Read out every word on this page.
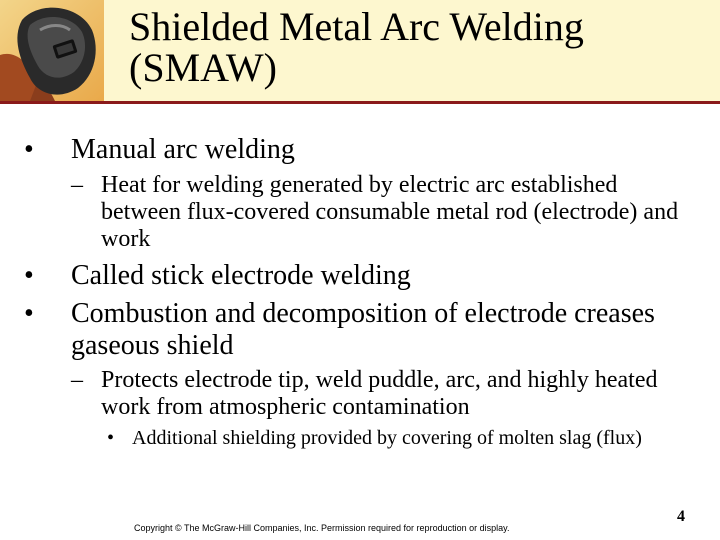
Shielded Metal Arc Welding (SMAW)

• Manual arc welding

– Heat for welding generated by electric arc established between flux-covered consumable metal rod (electrode) and work

• Called stick electrode welding

• Combustion and decomposition of electrode creases gaseous shield

– Protects electrode tip, weld puddle, arc, and highly heated work from atmospheric contamination

• Additional shielding provided by covering of molten slag (flux)

Copyright © The McGraw-Hill Companies, Inc. Permission required for reproduction or display.
4
